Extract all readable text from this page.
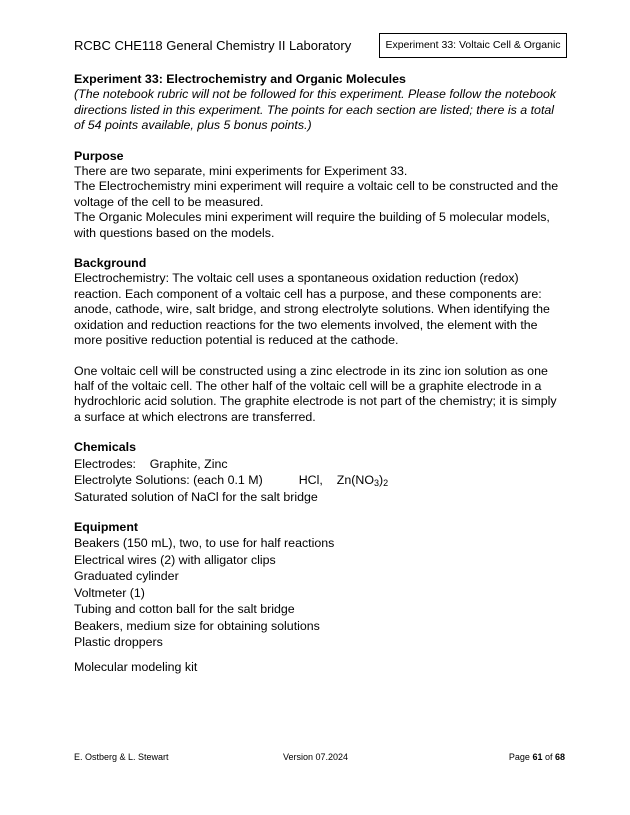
RCBC CHE118 General Chemistry II Laboratory	Experiment 33: Voltaic Cell & Organic

Experiment 33: Electrochemistry and Organic Molecules

(The notebook rubric will not be followed for this experiment. Please follow the notebook directions listed in this experiment. The points for each section are listed; there is a total of 54 points available, plus 5 bonus points.)

Purpose

There are two separate, mini experiments for Experiment 33.

The Electrochemistry mini experiment will require a voltaic cell to be constructed and the voltage of the cell to be measured.

The Organic Molecules mini experiment will require the building of 5 molecular models, with questions based on the models.

Background

Electrochemistry: The voltaic cell uses a spontaneous oxidation reduction (redox) reaction. Each component of a voltaic cell has a purpose, and these components are: anode, cathode, wire, salt bridge, and strong electrolyte solutions. When identifying the oxidation and reduction reactions for the two elements involved, the element with the more positive reduction potential is reduced at the cathode.

One voltaic cell will be constructed using a zinc electrode in its zinc ion solution as one half of the voltaic cell. The other half of the voltaic cell will be a graphite electrode in a hydrochloric acid solution. The graphite electrode is not part of the chemistry; it is simply a surface at which electrons are transferred.

Chemicals

Electrodes: Graphite, Zinc

Electrolyte Solutions: (each 0.1 M)	HCl, $Zn(NO_3)_2$

Saturated solution of NaCl for the salt bridge

Equipment

Beakers (150 mL), two, to use for half reactions

Electrical wires (2) with alligator clips

Graduated cylinder

Voltmeter (1)

Tubing and cotton ball for the salt bridge

Beakers, medium size for obtaining solutions

Plastic droppers

Molecular modeling kit

E. Ostberg & L. Stewart	Version 07.2024	Page 61 of 68
